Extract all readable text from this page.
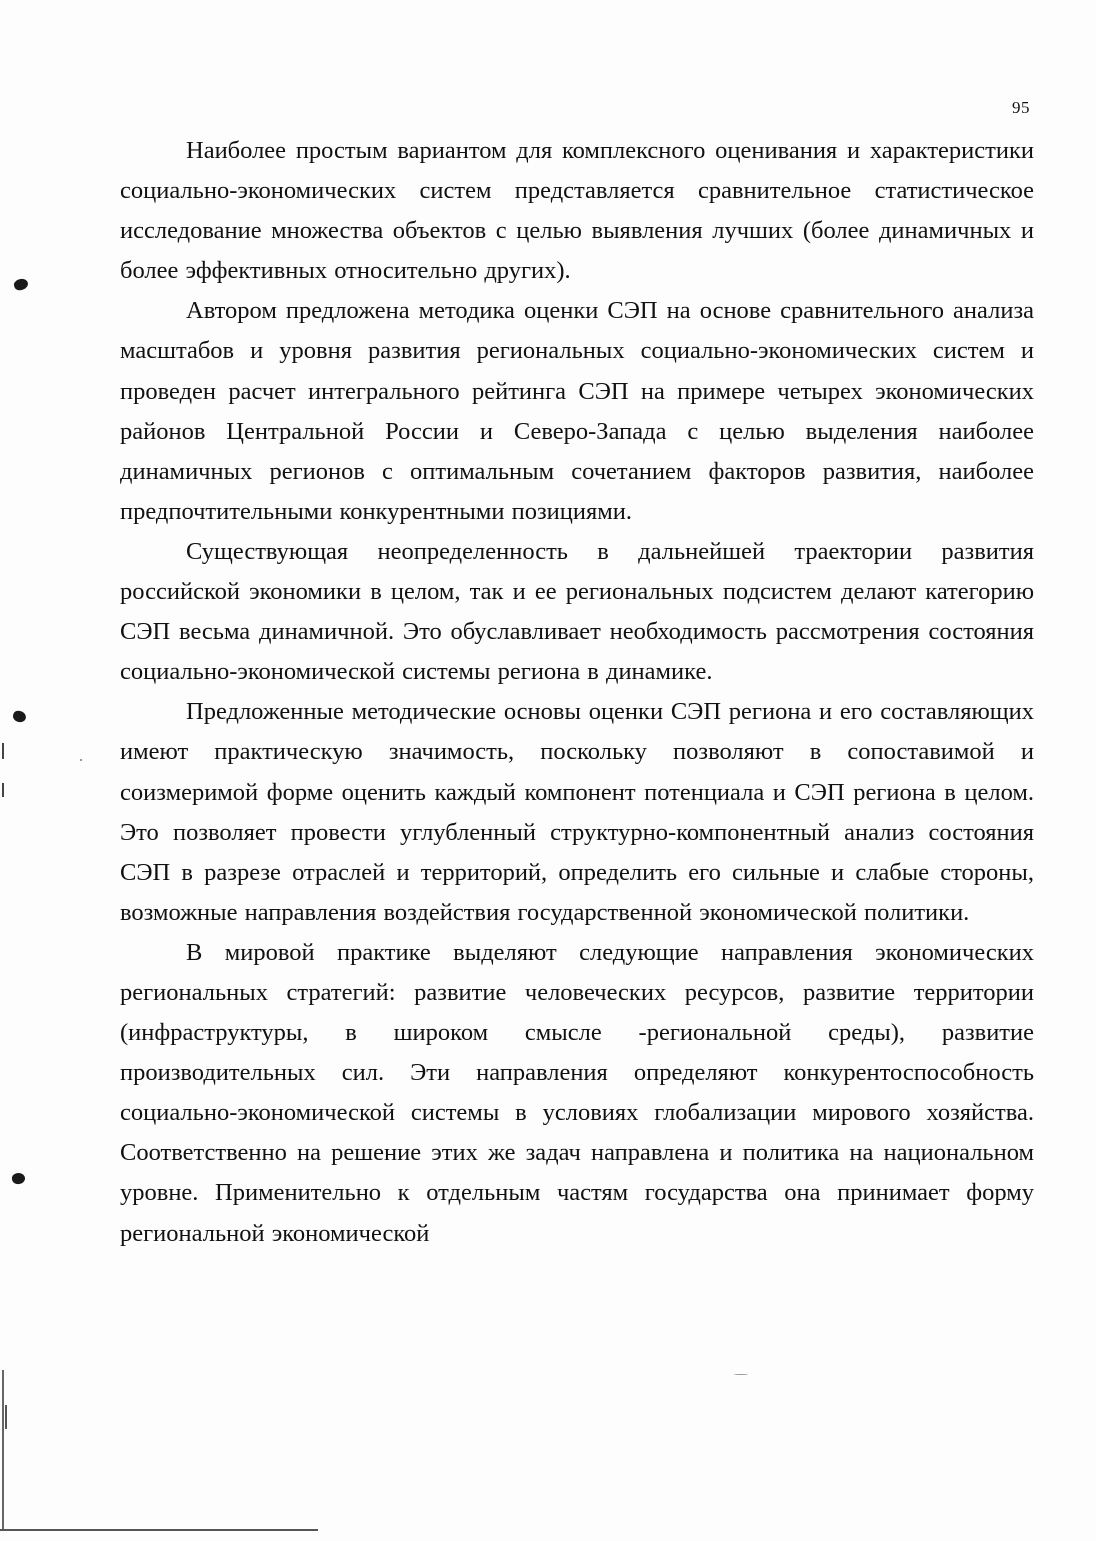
95

Наиболее простым вариантом для комплексного оценивания и характеристики социально-экономических систем представляется сравнительное статистическое исследование множества объектов с целью выявления лучших (более динамичных и более эффективных относительно других).

Автором предложена методика оценки СЭП на основе сравнительного анализа масштабов и уровня развития региональных социально-экономических систем и проведен расчет интегрального рейтинга СЭП на примере четырех экономических районов Центральной России и Северо-Запада с целью выделения наиболее динамичных регионов с оптимальным сочетанием факторов развития, наиболее предпочтительными конкурентными позициями.

Существующая неопределенность в дальнейшей траектории развития российской экономики в целом, так и ее региональных подсистем делают категорию СЭП весьма динамичной. Это обуславливает необходимость рассмотрения состояния социально-экономической системы региона в динамике.

Предложенные методические основы оценки СЭП региона и его составляющих имеют практическую значимость, поскольку позволяют в сопоставимой и соизмеримой форме оценить каждый компонент потенциала и СЭП региона в целом. Это позволяет провести углубленный структурно-компонентный анализ состояния СЭП в разрезе отраслей и территорий, определить его сильные и слабые стороны, возможные направления воздействия государственной экономической политики.

В мировой практике выделяют следующие направления экономических региональных стратегий: развитие человеческих ресурсов, развитие территории (инфраструктуры, в широком смысле -региональной среды), развитие производительных сил. Эти направления определяют конкурентоспособность социально-экономической системы в условиях глобализации мирового хозяйства. Соответственно на решение этих же задач направлена и политика на национальном уровне. Применительно к отдельным частям государства она принимает форму региональной экономической
